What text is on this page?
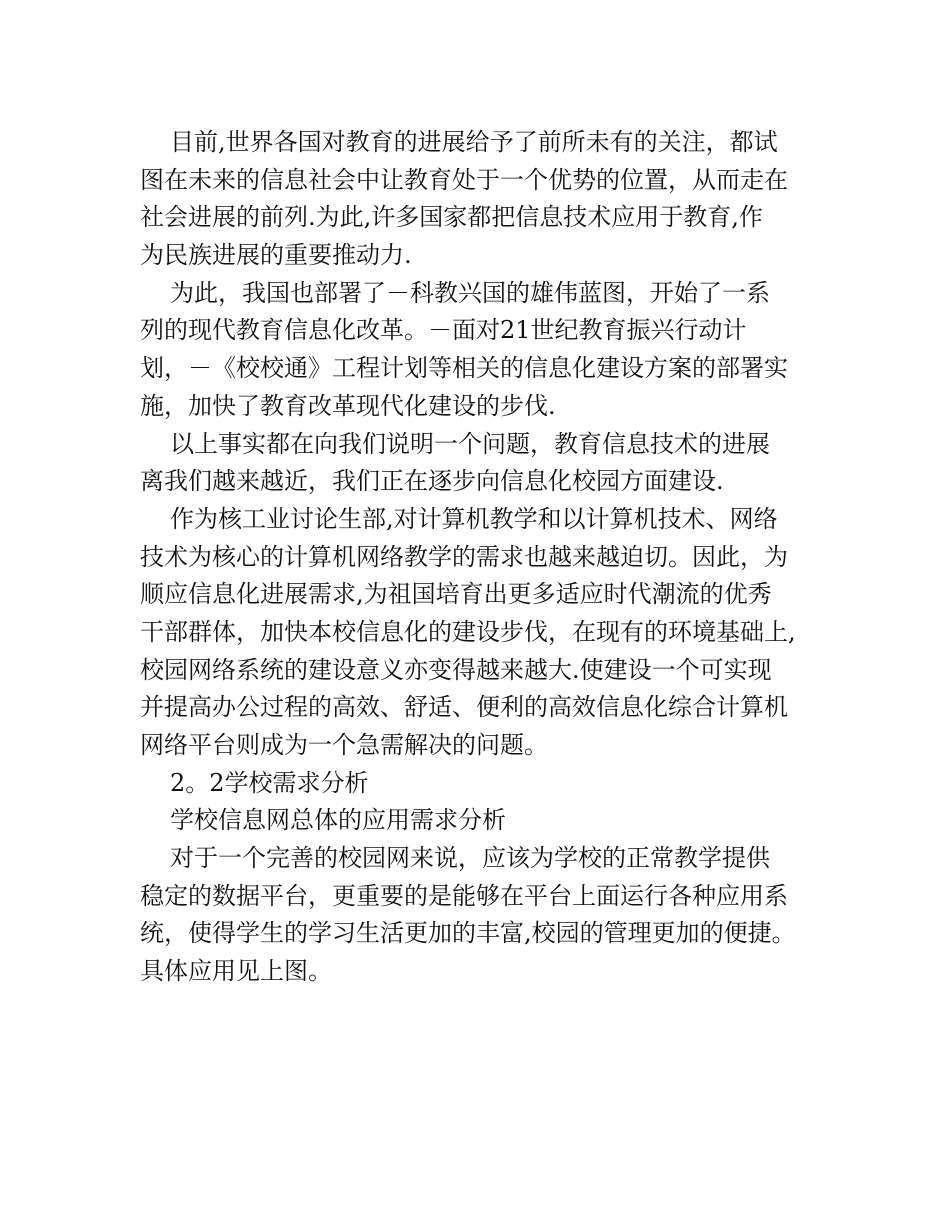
目前,世界各国对教育的进展给予了前所未有的关注，都试
图在未来的信息社会中让教育处于一个优势的位置，从而走在
社会进展的前列.为此,许多国家都把信息技术应用于教育,作
为民族进展的重要推动力.
为此，我国也部署了－科教兴国的雄伟蓝图，开始了一系
列的现代教育信息化改革。－面对21世纪教育振兴行动计
划，－《校校通》工程计划等相关的信息化建设方案的部署实
施，加快了教育改革现代化建设的步伐.
以上事实都在向我们说明一个问题，教育信息技术的进展
离我们越来越近，我们正在逐步向信息化校园方面建设.
作为核工业讨论生部,对计算机教学和以计算机技术、网络
技术为核心的计算机网络教学的需求也越来越迫切。因此，为
顺应信息化进展需求,为祖国培育出更多适应时代潮流的优秀
干部群体，加快本校信息化的建设步伐，在现有的环境基础上,
校园网络系统的建设意义亦变得越来越大.使建设一个可实现
并提高办公过程的高效、舒适、便利的高效信息化综合计算机
网络平台则成为一个急需解决的问题。
2。2学校需求分析
学校信息网总体的应用需求分析
对于一个完善的校园网来说，应该为学校的正常教学提供
稳定的数据平台，更重要的是能够在平台上面运行各种应用系
统，使得学生的学习生活更加的丰富,校园的管理更加的便捷。
具体应用见上图。
